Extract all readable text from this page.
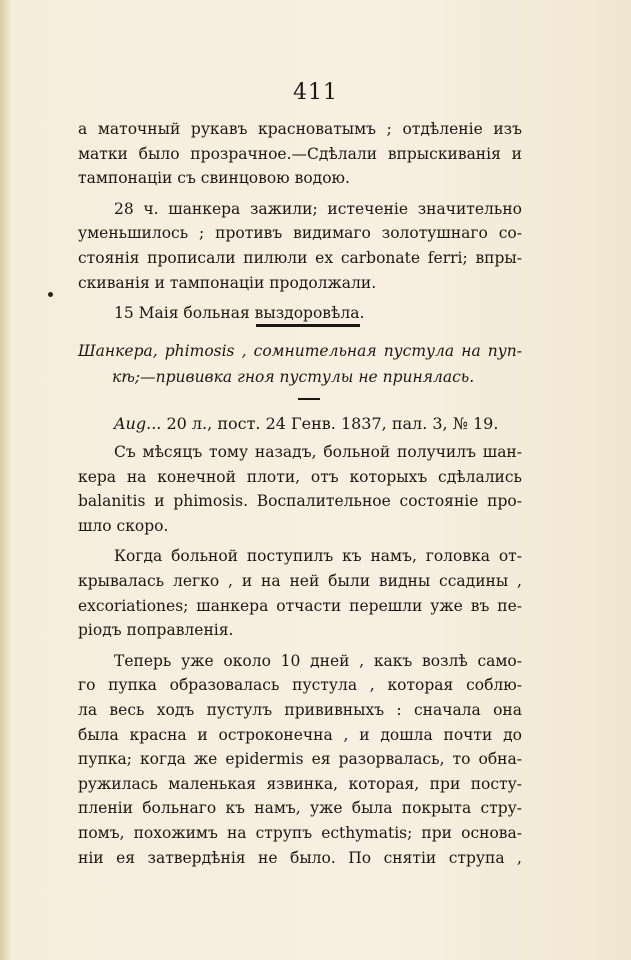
411
а маточный рукавъ красноватымъ ; отдѣленіе изъ
матки было прозрачное.—Сдѣлали впрыскиванія и
тампонаціи съ свинцовою водою.
28 ч. шанкера зажили; истеченіе значительно
уменьшилось ; противъ видимаго золотушнаго со-
стоянія прописали пилюли ex carbonate ferri; впры-
скиванія и тампонаціи продолжали.
15 Маія больная выздоровѣла.
Шанкера, phimosis , сомнительная пустула на пуп-
кѣ;—прививка гноя пустулы не принялась.
Aug... 20 л., пост. 24 Генв. 1837, пал. 3, № 19.
Съ мѣсяцъ тому назадъ, больной получилъ шан-
кера на конечной плоти, отъ которыхъ сдѣлались
balanitis и phimosis. Воспалительное состояніе про-
шло скоро.
Когда больной поступилъ къ намъ, головка от-
крывалась легко , и на ней были видны ссадины ,
excoriationes; шанкера отчасти перешли уже въ пе-
ріодъ поправленія.
Теперь уже около 10 дней , какъ возлѣ само-
го пупка образовалась пустула , которая соблю-
ла весь ходъ пустулъ прививныхъ : сначала она
была красна и остроконечна , и дошла почти до
пупка; когда же epidermis ея разорвалась, то обна-
ружилась маленькая язвинка, которая, при посту-
пленіи больнаго къ намъ, уже была покрыта стру-
помъ, похожимъ на струпъ ecthymatis; при основа-
ніи ея затвердѣнія не было. По снятіи струпа ,
